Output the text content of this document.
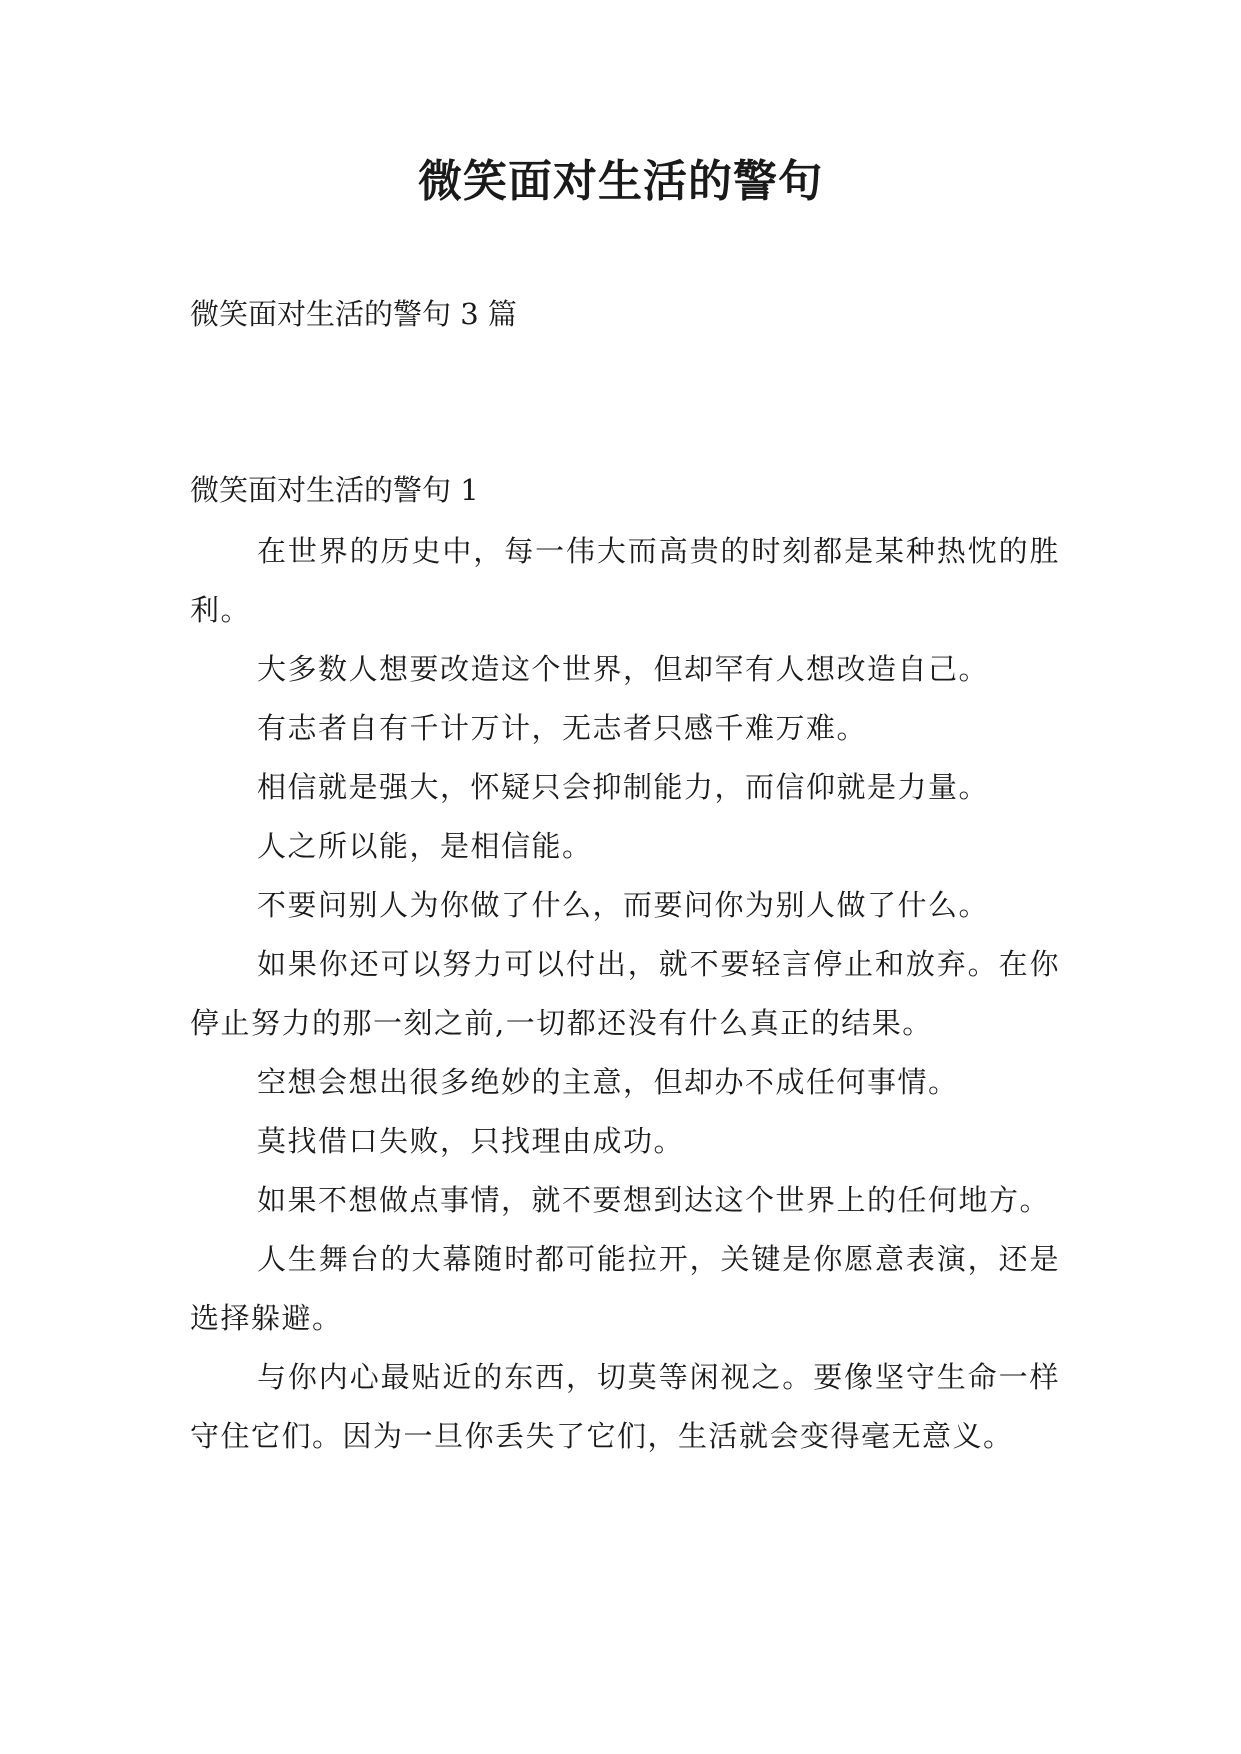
微笑面对生活的警句

微笑面对生活的警句 3 篇

微笑面对生活的警句 1

在世界的历史中，每一伟大而高贵的时刻都是某种热忱的胜利。

大多数人想要改造这个世界，但却罕有人想改造自己。

有志者自有千计万计，无志者只感千难万难。

相信就是强大，怀疑只会抑制能力，而信仰就是力量。

人之所以能，是相信能。

不要问别人为你做了什么，而要问你为别人做了什么。

如果你还可以努力可以付出，就不要轻言停止和放弃。在你停止努力的那一刻之前,一切都还没有什么真正的结果。

空想会想出很多绝妙的主意，但却办不成任何事情。

莫找借口失败，只找理由成功。

如果不想做点事情，就不要想到达这个世界上的任何地方。

人生舞台的大幕随时都可能拉开，关键是你愿意表演，还是选择躲避。

与你内心最贴近的东西，切莫等闲视之。要像坚守生命一样守住它们。因为一旦你丢失了它们，生活就会变得毫无意义。
